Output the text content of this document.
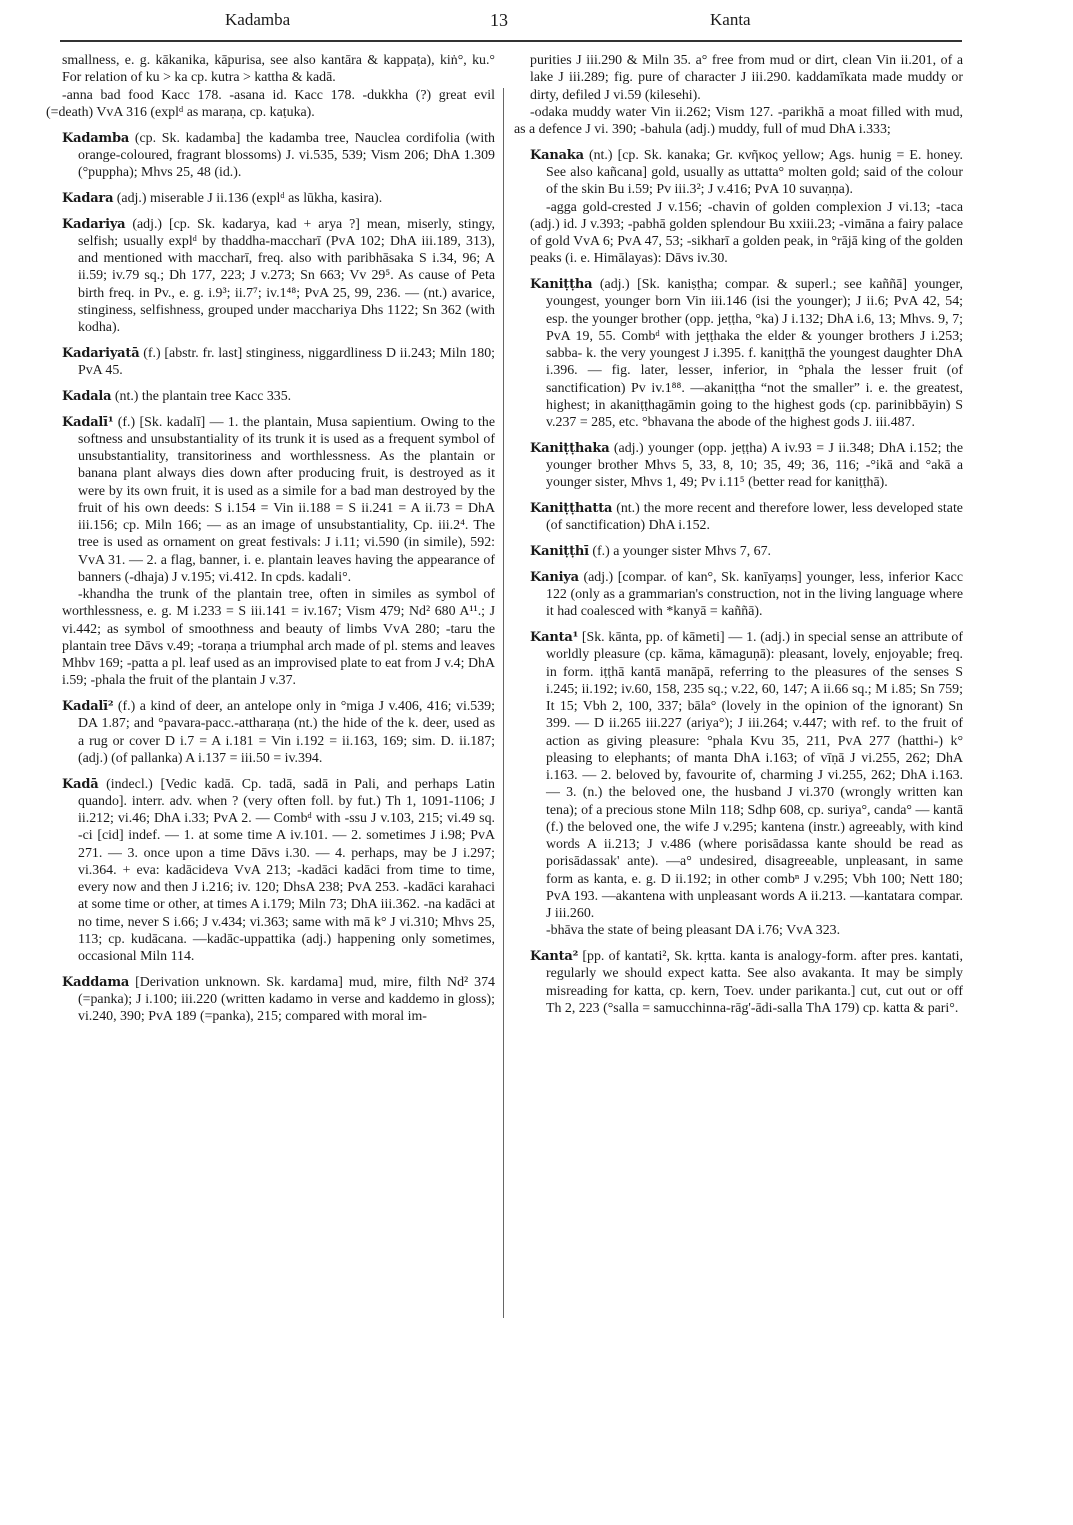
Kadamba	13	Kanta
smallness, e. g. kākanika, kāpurisa, see also kantāra & kappaṭa), kiṅ°, ku.° For relation of ku > ka cp. kutra > kattha & kadā.

-anna bad food Kacc 178. -asana id. Kacc 178. -dukkha (?) great evil (=death) VvA 316 (explᵈ as maraṇa, cp. kaṭuka).

Kadamba (cp. Sk. kadamba] the kadamba tree, Nauclea cordifolia (with orange-coloured, fragrant blossoms) J. vi.535, 539; Vism 206; DhA 1.309 (°puppha); Mhvs 25, 48 (id.).
Kadara (adj.) miserable J ii.136 (explᵈ as lūkha, kasira).
Kadariya (adj.) [cp. Sk. kadarya, kad + arya ?] mean, miserly, stingy, selfish; usually explᵈ by thaddha-maccharī (PvA 102; DhA iii.189, 313), and mentioned with maccharī, freq. also with paribhāsaka S i.34, 96; A ii.59; iv.79 sq.; Dh 177, 223; J v.273; Sn 663; Vv 29⁵. As cause of Peta birth freq. in Pv., e. g. i.9³; ii.7⁷; iv.1⁴⁸; PvA 25, 99, 236. — (nt.) avarice, stinginess, selfishness, grouped under macchariya Dhs 1122; Sn 362 (with kodha).
Kadariyatā (f.) [abstr. fr. last] stinginess, niggardliness D ii.243; Miln 180; PvA 45.
Kadala (nt.) the plantain tree Kacc 335.
Kadalī¹ (f.) [Sk. kadalī] — 1. the plantain, Musa sapientium. Owing to the softness and unsubstantiality of its trunk it is used as a frequent symbol of unsubstantiality, transitoriness and worthlessness. As the plantain or banana plant always dies down after producing fruit, is destroyed as it were by its own fruit, it is used as a simile for a bad man destroyed by the fruit of his own deeds: S i.154 = Vin ii.188 = S ii.241 = A ii.73 = DhA iii.156; cp. Miln 166; — as an image of unsubstantiality, Cp. iii.2⁴. The tree is used as ornament on great festivals: J i.11; vi.590 (in simile), 592: VvA 31. — 2. a flag, banner, i. e. plantain leaves having the appearance of banners (-dhaja) J v.195; vi.412. In cpds. kadali°.

-khandha the trunk of the plantain tree, often in similes as symbol of worthlessness, e. g. M i.233 = S iii.141 = iv.167; Vism 479; Nd² 680 A¹¹.; J vi.442; as symbol of smoothness and beauty of limbs VvA 280; -taru the plantain tree Dāvs v.49; -toraṇa a triumphal arch made of pl. stems and leaves Mhbv 169; -patta a pl. leaf used as an improvised plate to eat from J v.4; DhA i.59; -phala the fruit of the plantain J v.37.

Kadalī² (f.) a kind of deer, an antelope only in °miga J v.406, 416; vi.539; DA 1.87; and °pavara-pacc.-attharaṇa (nt.) the hide of the k. deer, used as a rug or cover D i.7 = A i.181 = Vin i.192 = ii.163, 169; sim. D. ii.187; (adj.) (of pallanka) A i.137 = iii.50 = iv.394.
Kadā (indecl.) [Vedic kadā. Cp. tadā, sadā in Pali, and perhaps Latin quando]. interr. adv. when ? (very often foll. by fut.) Th 1, 1091-1106; J ii.212; vi.46; DhA i.33; PvA 2. — Combᵈ with -ssu J v.103, 215; vi.49 sq. -ci [cid] indef. — 1. at some time A iv.101. — 2. sometimes J i.98; PvA 271. — 3. once upon a time Dāvs i.30. — 4. perhaps, may be J i.297; vi.364. + eva: kadācideva VvA 213; -kadāci kadāci from time to time, every now and then J i.216; iv. 120; DhsA 238; PvA 253. -kadāci karahaci at some time or other, at times A i.179; Miln 73; DhA iii.362. -na kadāci at no time, never S i.66; J v.434; vi.363; same with mā k° J vi.310; Mhvs 25, 113; cp. kudācana. —kadāc-uppattika (adj.) happening only sometimes, occasional Miln 114.
Kaddama [Derivation unknown. Sk. kardama] mud, mire, filth Nd² 374 (=panka); J i.100; iii.220 (written kadamo in verse and kaddemo in gloss); vi.240, 390; PvA 189 (=panka), 215; compared with moral im-
purities J iii.290 & Miln 35. a° free from mud or dirt, clean Vin ii.201, of a lake J iii.289; fig. pure of character J iii.290. kaddamīkata made muddy or dirty, defiled J vi.59 (kilesehi).

-odaka muddy water Vin ii.262; Vism 127. -parikhā a moat filled with mud, as a defence J vi. 390; -bahula (adj.) muddy, full of mud DhA i.333;

Kanaka (nt.) [cp. Sk. kanaka; Gr. κνῆκος yellow; Ags. hunig = E. honey. See also kañcana] gold, usually as uttatta° molten gold; said of the colour of the skin Bu i.59; Pv iii.3²; J v.416; PvA 10 suvaṇṇa).

-agga gold-crested J v.156; -chavin of golden complexion J vi.13; -taca (adj.) id. J v.393; -pabhā golden splendour Bu xxiii.23; -vimāna a fairy palace of gold VvA 6; PvA 47, 53; -sikharī a golden peak, in °rājā king of the golden peaks (i. e. Himālayas): Dāvs iv.30.

Kaniṭṭha (adj.) [Sk. kaniṣṭha; compar. & superl.; see kaññā] younger, youngest, younger born Vin iii.146 (isi the younger); J ii.6; PvA 42, 54; esp. the younger brother (opp. jeṭṭha, °ka) J i.132; DhA i.6, 13; Mhvs. 9, 7; PvA 19, 55. Combᵈ with jeṭṭhaka the elder & younger brothers J i.253; sabba- k. the very youngest J i.395. f. kaniṭṭhā the youngest daughter DhA i.396. — fig. later, lesser, inferior, in °phala the lesser fruit (of sanctification) Pv iv.1⁸⁸. —akaniṭṭha “not the smaller” i. e. the greatest, highest; in akaniṭṭhagāmin going to the highest gods (cp. parinibbāyin) S v.237 = 285, etc. °bhavana the abode of the highest gods J. iii.487.
Kaniṭṭhaka (adj.) younger (opp. jeṭṭha) A iv.93 = J ii.348; DhA i.152; the younger brother Mhvs 5, 33, 8, 10; 35, 49; 36, 116; -°ikā and °akā a younger sister, Mhvs 1, 49; Pv i.11⁵ (better read for kaniṭṭhā).
Kaniṭṭhatta (nt.) the more recent and therefore lower, less developed state (of sanctification) DhA i.152.
Kaniṭṭhī (f.) a younger sister Mhvs 7, 67.
Kaniya (adj.) [compar. of kan°, Sk. kanīyaṃs] younger, less, inferior Kacc 122 (only as a grammarian's construction, not in the living language where it had coalesced with *kanyā = kaññā).
Kanta¹ [Sk. kānta, pp. of kāmeti] — 1. (adj.) in special sense an attribute of worldly pleasure (cp. kāma, kāmaguṇā): pleasant, lovely, enjoyable; freq. in form. iṭṭhā kantā manāpā, referring to the pleasures of the senses S i.245; ii.192; iv.60, 158, 235 sq.; v.22, 60, 147; A ii.66 sq.; M i.85; Sn 759; It 15; Vbh 2, 100, 337; bāla° (lovely in the opinion of the ignorant) Sn 399. — D ii.265 iii.227 (ariya°); J iii.264; v.447; with ref. to the fruit of action as giving pleasure: °phala Kvu 35, 211, PvA 277 (hatthi-) k° pleasing to elephants; of manta DhA i.163; of vīṇā J vi.255, 262; DhA i.163. — 2. beloved by, favourite of, charming J vi.255, 262; DhA i.163. — 3. (n.) the beloved one, the husband J vi.370 (wrongly written kan tena); of a precious stone Miln 118; Sdhp 608, cp. suriya°, canda° — kantā (f.) the beloved one, the wife J v.295; kantena (instr.) agreeably, with kind words A ii.213; J v.486 (where porisādassa kante should be read as porisādassak' ante). —a° undesired, disagreeable, unpleasant, in same form as kanta, e. g. D ii.192; in other combⁿ J v.295; Vbh 100; Nett 180; PvA 193. —akantena with unpleasant words A ii.213. —kantatara compar. J iii.260.

-bhāva the state of being pleasant DA i.76; VvA 323.

Kanta² [pp. of kantati², Sk. kṛtta. kanta is analogy-form. after pres. kantati, regularly we should expect katta. See also avakanta. It may be simply misreading for katta, cp. kern, Toev. under parikanta.] cut, cut out or off Th 2, 223 (°salla = samucchinna-rāg'-ādi-salla ThA 179) cp. katta & pari°.
